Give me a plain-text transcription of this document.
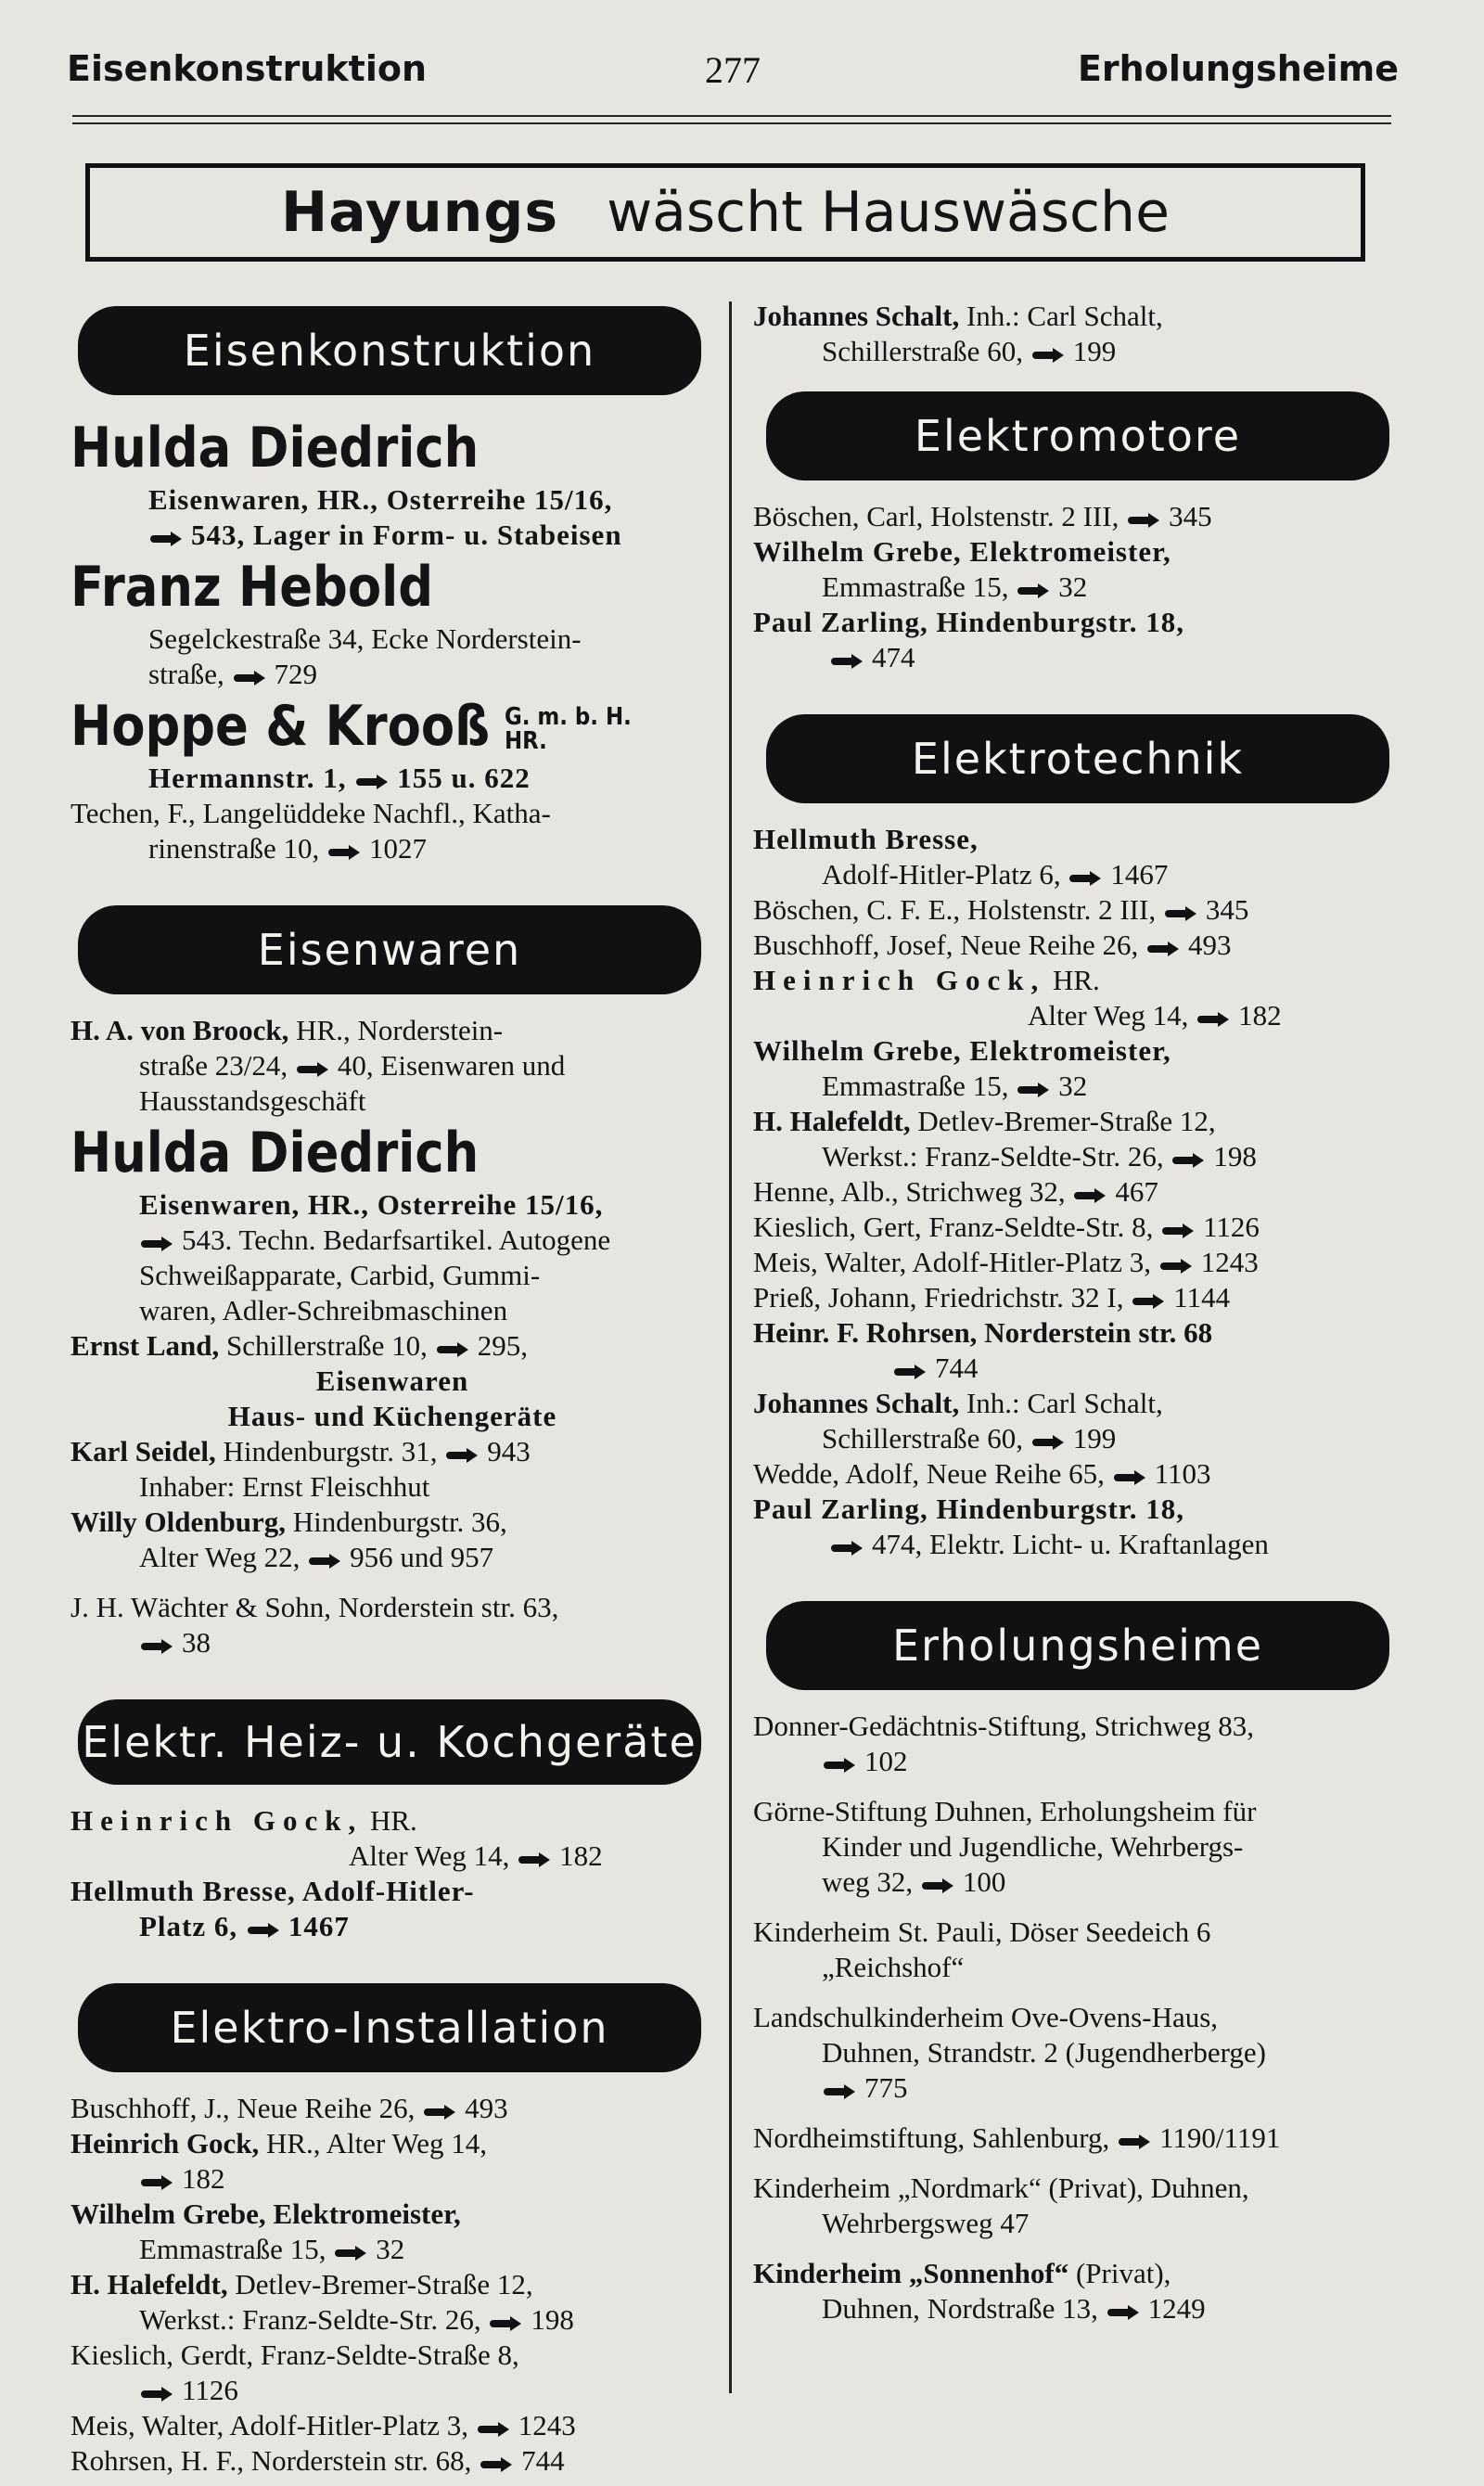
Eisenkonstruktion	277	Erholungsheime
Hayungs wäscht Hauswäsche
Eisenkonstruktion
Hulda Diedrich
Eisenwaren, HR., Osterreihe 15/16,
543, Lager in Form- u. Stabeisen
Franz Hebold
Segelckestraße 34, Ecke Norderstein-
straße, 729
Hoppe & Krooß G. m. b. H.
HR.
Hermannstr. 1, 155 u. 622
Techen, F., Langelüddeke Nachfl., Katha-
rinenstraße 10, 1027
Eisenwaren
H. A. von Broock, HR., Norderstein-
straße 23/24, 40, Eisenwaren und
Hausstandsgeschäft
Hulda Diedrich
Eisenwaren, HR., Osterreihe 15/16,
543. Techn. Bedarfsartikel. Autogene
Schweißapparate, Carbid, Gummi-
waren, Adler-Schreibmaschinen
Ernst Land, Schillerstraße 10, 295,
Eisenwaren
Haus- und Küchengeräte
Karl Seidel, Hindenburgstr. 31, 943
Inhaber: Ernst Fleischhut
Willy Oldenburg, Hindenburgstr. 36,
Alter Weg 22, 956 und 957
J. H. Wächter & Sohn, Norderstein str. 63,
38
Elektr. Heiz- u. Kochgeräte
Heinrich Gock, HR.
Alter Weg 14, 182
Hellmuth Bresse, Adolf-Hitler-
Platz 6, 1467
Elektro-Installation
Buschhoff, J., Neue Reihe 26, 493
Heinrich Gock, HR., Alter Weg 14,
182
Wilhelm Grebe, Elektromeister,
Emmastraße 15, 32
H. Halefeldt, Detlev-Bremer-Straße 12,
Werkst.: Franz-Seldte-Str. 26, 198
Kieslich, Gerdt, Franz-Seldte-Straße 8,
1126
Meis, Walter, Adolf-Hitler-Platz 3, 1243
Rohrsen, H. F., Norderstein str. 68, 744
Johannes Schalt, Inh.: Carl Schalt,
Schillerstraße 60, 199
Elektromotore
Böschen, Carl, Holstenstr. 2 III, 345
Wilhelm Grebe, Elektromeister,
Emmastraße 15, 32
Paul Zarling, Hindenburgstr. 18,
474
Elektrotechnik
Hellmuth Bresse,
Adolf-Hitler-Platz 6, 1467
Böschen, C. F. E., Holstenstr. 2 III, 345
Buschhoff, Josef, Neue Reihe 26, 493
Heinrich Gock, HR.
Alter Weg 14, 182
Wilhelm Grebe, Elektromeister,
Emmastraße 15, 32
H. Halefeldt, Detlev-Bremer-Straße 12,
Werkst.: Franz-Seldte-Str. 26, 198
Henne, Alb., Strichweg 32, 467
Kieslich, Gert, Franz-Seldte-Str. 8, 1126
Meis, Walter, Adolf-Hitler-Platz 3, 1243
Prieß, Johann, Friedrichstr. 32 I, 1144
Heinr. F. Rohrsen, Norderstein str. 68
744
Johannes Schalt, Inh.: Carl Schalt,
Schillerstraße 60, 199
Wedde, Adolf, Neue Reihe 65, 1103
Paul Zarling, Hindenburgstr. 18,
474, Elektr. Licht- u. Kraftanlagen
Erholungsheime
Donner-Gedächtnis-Stiftung, Strichweg 83,
102
Görne-Stiftung Duhnen, Erholungsheim für
Kinder und Jugendliche, Wehrbergs-
weg 32, 100
Kinderheim St. Pauli, Döser Seedeich 6
„Reichshof“
Landschulkinderheim Ove-Ovens-Haus,
Duhnen, Strandstr. 2 (Jugendherberge)
775
Nordheimstiftung, Sahlenburg, 1190/1191
Kinderheim „Nordmark“ (Privat), Duhnen,
Wehrbergsweg 47
Kinderheim „Sonnenhof“ (Privat),
Duhnen, Nordstraße 13, 1249
